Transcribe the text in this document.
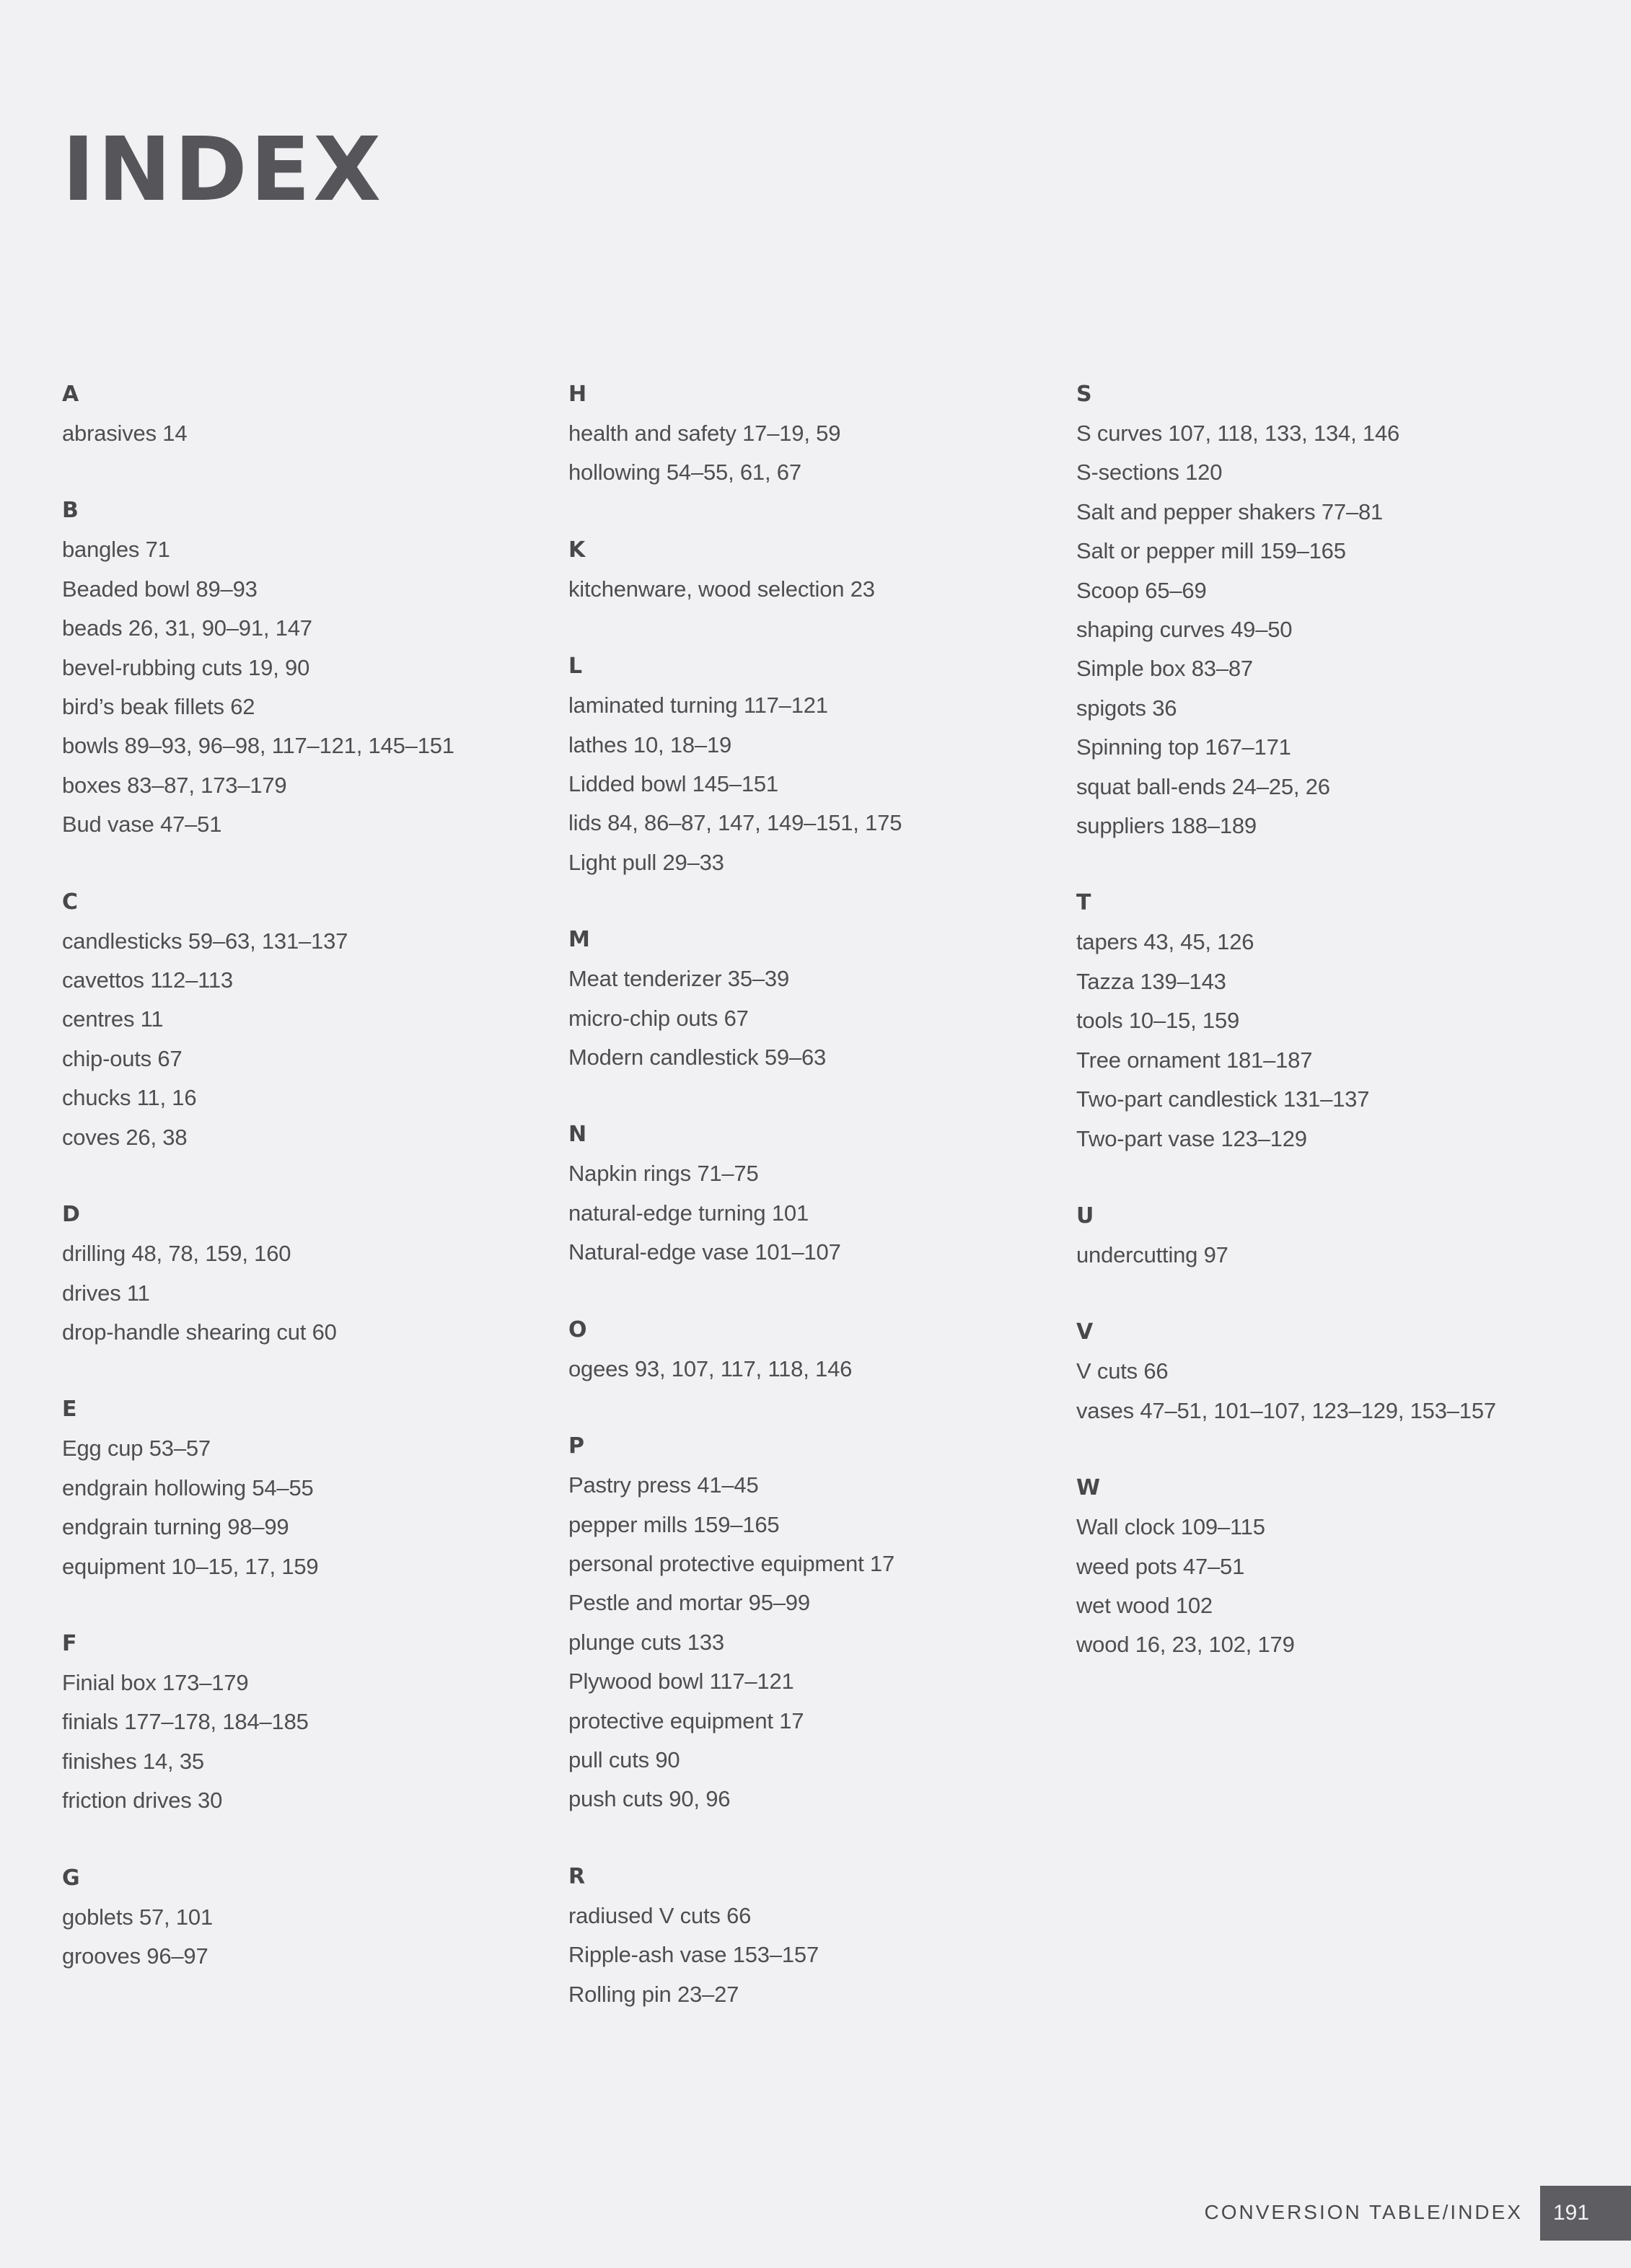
INDEX
A
abrasives 14
B
bangles 71
Beaded bowl 89–93
beads 26, 31, 90–91, 147
bevel-rubbing cuts 19, 90
bird’s beak fillets 62
bowls 89–93, 96–98, 117–121, 145–151
boxes 83–87, 173–179
Bud vase 47–51
C
candlesticks 59–63, 131–137
cavettos 112–113
centres 11
chip-outs 67
chucks 11, 16
coves 26, 38
D
drilling 48, 78, 159, 160
drives 11
drop-handle shearing cut 60
E
Egg cup 53–57
endgrain hollowing 54–55
endgrain turning 98–99
equipment 10–15, 17, 159
F
Finial box 173–179
finials 177–178, 184–185
finishes 14, 35
friction drives 30
G
goblets 57, 101
grooves 96–97
H
health and safety 17–19, 59
hollowing 54–55, 61, 67
K
kitchenware, wood selection 23
L
laminated turning 117–121
lathes 10, 18–19
Lidded bowl 145–151
lids 84, 86–87, 147, 149–151, 175
Light pull 29–33
M
Meat tenderizer 35–39
micro-chip outs 67
Modern candlestick 59–63
N
Napkin rings 71–75
natural-edge turning 101
Natural-edge vase 101–107
O
ogees 93, 107, 117, 118, 146
P
Pastry press 41–45
pepper mills 159–165
personal protective equipment 17
Pestle and mortar 95–99
plunge cuts 133
Plywood bowl 117–121
protective equipment 17
pull cuts 90
push cuts 90, 96
R
radiused V cuts 66
Ripple-ash vase 153–157
Rolling pin 23–27
S
S curves 107, 118, 133, 134, 146
S-sections 120
Salt and pepper shakers 77–81
Salt or pepper mill 159–165
Scoop 65–69
shaping curves 49–50
Simple box 83–87
spigots 36
Spinning top 167–171
squat ball-ends 24–25, 26
suppliers 188–189
T
tapers 43, 45, 126
Tazza 139–143
tools 10–15, 159
Tree ornament 181–187
Two-part candlestick 131–137
Two-part vase 123–129
U
undercutting 97
V
V cuts 66
vases 47–51, 101–107, 123–129, 153–157
W
Wall clock 109–115
weed pots 47–51
wet wood 102
wood 16, 23, 102, 179
CONVERSION TABLE/INDEX	191
